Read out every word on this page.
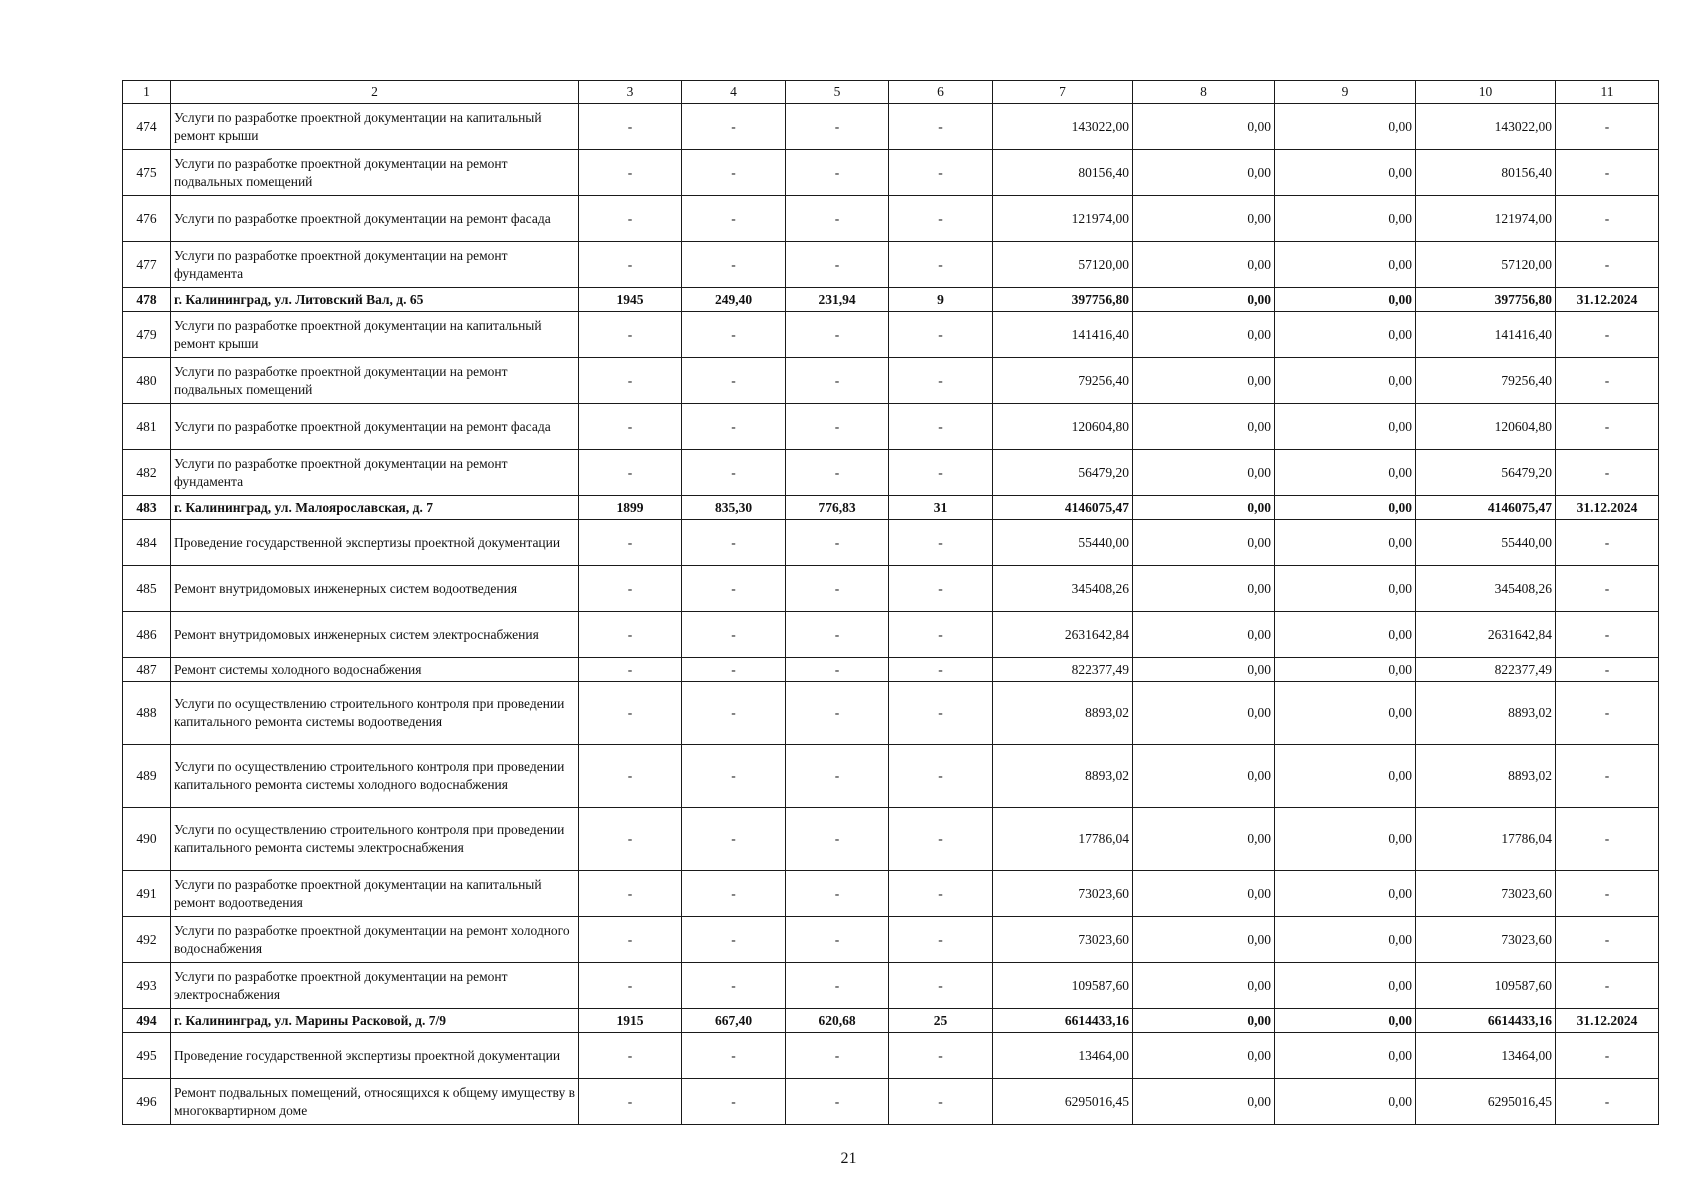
1	2	3	4	5	6	7	8	9	10	11
474	Услуги по разработке проектной документации на капитальный ремонт крыши	-	-	-	-	143022,00	0,00	0,00	143022,00	-
475	Услуги по разработке проектной документации на ремонт подвальных помещений	-	-	-	-	80156,40	0,00	0,00	80156,40	-
476	Услуги по разработке проектной документации на ремонт фасада	-	-	-	-	121974,00	0,00	0,00	121974,00	-
477	Услуги по разработке проектной документации на ремонт фундамента	-	-	-	-	57120,00	0,00	0,00	57120,00	-
478	г. Калининград, ул. Литовский Вал, д. 65	1945	249,40	231,94	9	397756,80	0,00	0,00	397756,80	31.12.2024
479	Услуги по разработке проектной документации на капитальный ремонт крыши	-	-	-	-	141416,40	0,00	0,00	141416,40	-
480	Услуги по разработке проектной документации на ремонт подвальных помещений	-	-	-	-	79256,40	0,00	0,00	79256,40	-
481	Услуги по разработке проектной документации на ремонт фасада	-	-	-	-	120604,80	0,00	0,00	120604,80	-
482	Услуги по разработке проектной документации на ремонт фундамента	-	-	-	-	56479,20	0,00	0,00	56479,20	-
483	г. Калининград, ул. Малоярославская, д. 7	1899	835,30	776,83	31	4146075,47	0,00	0,00	4146075,47	31.12.2024
484	Проведение государственной экспертизы проектной документации	-	-	-	-	55440,00	0,00	0,00	55440,00	-
485	Ремонт внутридомовых инженерных систем водоотведения	-	-	-	-	345408,26	0,00	0,00	345408,26	-
486	Ремонт внутридомовых инженерных систем электроснабжения	-	-	-	-	2631642,84	0,00	0,00	2631642,84	-
487	Ремонт системы холодного водоснабжения	-	-	-	-	822377,49	0,00	0,00	822377,49	-
488	Услуги по осуществлению строительного контроля при проведении капитального ремонта системы водоотведения	-	-	-	-	8893,02	0,00	0,00	8893,02	-
489	Услуги по осуществлению строительного контроля при проведении капитального ремонта системы холодного водоснабжения	-	-	-	-	8893,02	0,00	0,00	8893,02	-
490	Услуги по осуществлению строительного контроля при проведении капитального ремонта системы электроснабжения	-	-	-	-	17786,04	0,00	0,00	17786,04	-
491	Услуги по разработке проектной документации на капитальный ремонт водоотведения	-	-	-	-	73023,60	0,00	0,00	73023,60	-
492	Услуги по разработке проектной документации на ремонт холодного водоснабжения	-	-	-	-	73023,60	0,00	0,00	73023,60	-
493	Услуги по разработке проектной документации на ремонт электроснабжения	-	-	-	-	109587,60	0,00	0,00	109587,60	-
494	г. Калининград, ул. Марины Расковой, д. 7/9	1915	667,40	620,68	25	6614433,16	0,00	0,00	6614433,16	31.12.2024
495	Проведение государственной экспертизы проектной документации	-	-	-	-	13464,00	0,00	0,00	13464,00	-
496	Ремонт подвальных помещений, относящихся к общему имуществу в многоквартирном доме	-	-	-	-	6295016,45	0,00	0,00	6295016,45	-
21
